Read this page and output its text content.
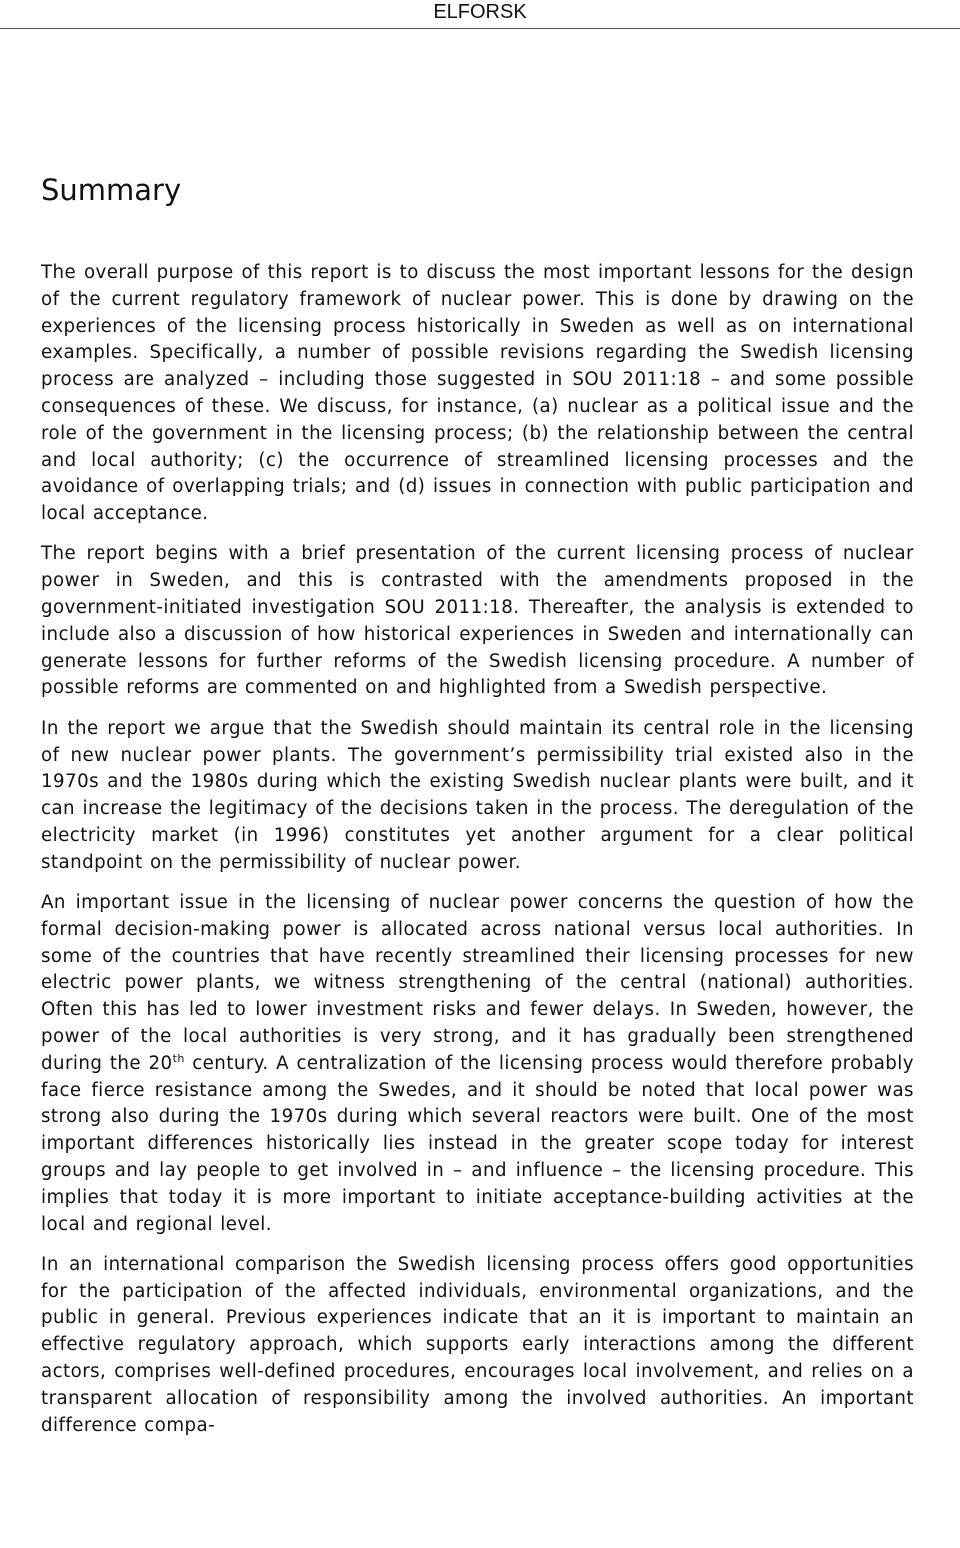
ELFORSK
Summary

The overall purpose of this report is to discuss the most important lessons for the design of the current regulatory framework of nuclear power. This is done by drawing on the experiences of the licensing process historically in Sweden as well as on international examples. Specifically, a number of possible revisions regarding the Swedish licensing process are analyzed – including those suggested in SOU 2011:18 – and some possible consequences of these. We discuss, for instance, (a) nuclear as a political issue and the role of the government in the licensing process; (b) the relationship between the central and local authority; (c) the occurrence of streamlined licensing processes and the avoidance of overlapping trials; and (d) issues in connection with public participation and local acceptance.

The report begins with a brief presentation of the current licensing process of nuclear power in Sweden, and this is contrasted with the amendments proposed in the government-initiated investigation SOU 2011:18. Thereafter, the analysis is extended to include also a discussion of how historical experiences in Sweden and internationally can generate lessons for further reforms of the Swedish licensing procedure. A number of possible reforms are commented on and highlighted from a Swedish perspective.

In the report we argue that the Swedish should maintain its central role in the licensing of new nuclear power plants. The government’s permissibility trial existed also in the 1970s and the 1980s during which the existing Swedish nuclear plants were built, and it can increase the legitimacy of the decisions taken in the process. The deregulation of the electricity market (in 1996) constitutes yet another argument for a clear political standpoint on the permissibility of nuclear power.

An important issue in the licensing of nuclear power concerns the question of how the formal decision-making power is allocated across national versus local authorities. In some of the countries that have recently streamlined their licensing processes for new electric power plants, we witness strengthening of the central (national) authorities. Often this has led to lower investment risks and fewer delays. In Sweden, however, the power of the local authorities is very strong, and it has gradually been strengthened during the 20th century. A centralization of the licensing process would therefore probably face fierce resistance among the Swedes, and it should be noted that local power was strong also during the 1970s during which several reactors were built. One of the most important differences historically lies instead in the greater scope today for interest groups and lay people to get involved in – and influence – the licensing procedure. This implies that today it is more important to initiate acceptance-building activities at the local and regional level.

In an international comparison the Swedish licensing process offers good opportunities for the participation of the affected individuals, environmental organizations, and the public in general. Previous experiences indicate that an it is important to maintain an effective regulatory approach, which supports early interactions among the different actors, comprises well-defined procedures, encourages local involvement, and relies on a transparent allocation of responsibility among the involved authorities. An important difference compa-
